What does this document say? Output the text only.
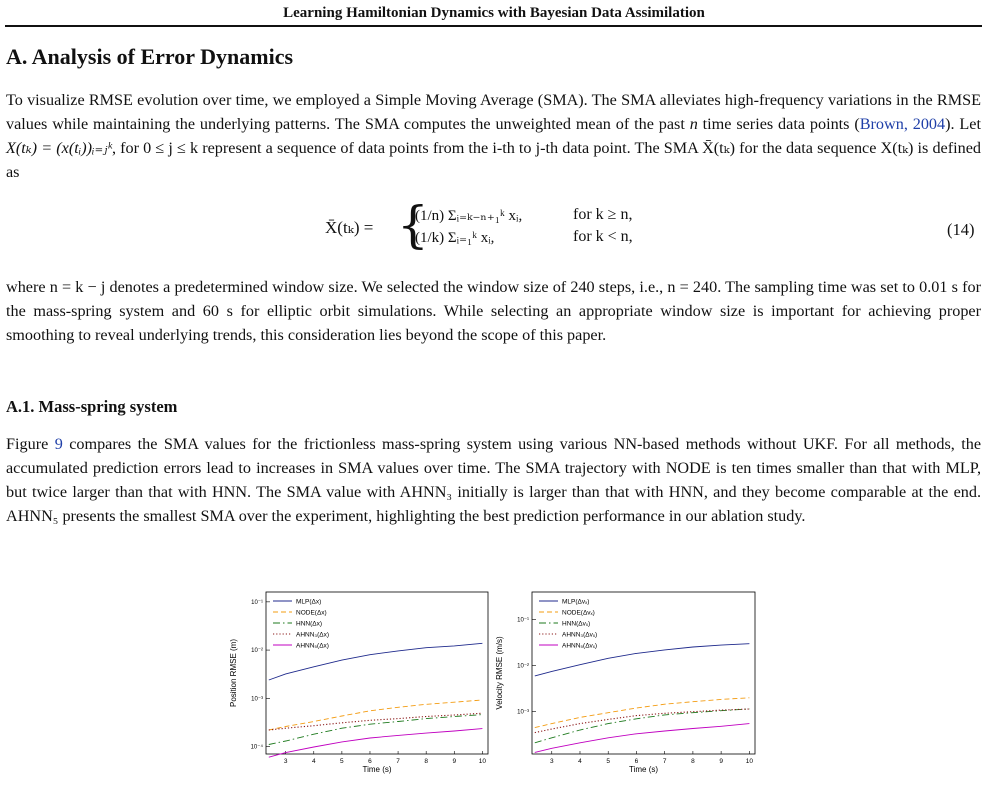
Learning Hamiltonian Dynamics with Bayesian Data Assimilation
A. Analysis of Error Dynamics

To visualize RMSE evolution over time, we employed a Simple Moving Average (SMA). The SMA alleviates high-frequency variations in the RMSE values while maintaining the underlying patterns. The SMA computes the unweighted mean of the past n time series data points (Brown, 2004). Let X(tₖ) = (x(tᵢ))ᵢ₌ⱼᵏ, for 0 ≤ j ≤ k represent a sequence of data points from the i-th to j-th data point. The SMA X̄(tₖ) for the data sequence X(tₖ) is defined as

X̄(tₖ) = {
(1/n) Σᵢ₌ₖ₋ₙ₊₁ᵏ xᵢ,	for k ≥ n,
(1/k) Σᵢ₌₁ᵏ xᵢ,	for k < n,	(14)

where n = k − j denotes a predetermined window size. We selected the window size of 240 steps, i.e., n = 240. The sampling time was set to 0.01 s for the mass-spring system and 60 s for elliptic orbit simulations. While selecting an appropriate window size is important for achieving proper smoothing to reveal underlying trends, this consideration lies beyond the scope of this paper.

A.1. Mass-spring system

Figure 9 compares the SMA values for the frictionless mass-spring system using various NN-based methods without UKF. For all methods, the accumulated prediction errors lead to increases in SMA values over time. The SMA trajectory with NODE is ten times smaller than that with MLP, but twice larger than that with HNN. The SMA value with AHNN₃ initially is larger than that with HNN, and they become comparable at the end. AHNN₅ presents the smallest SMA over the experiment, highlighting the best prediction performance in our ablation study.

3	4	5	6	7	8	9	10
10⁻¹
10⁻²
10⁻³
10⁻⁴
Time (s)
Position RMSE (m)
MLP(Δx)
NODE(Δx)
HNN(Δx)
AHNN₃(Δx)
AHNN₅(Δx)
3	4	5	6	7	8	9	10
10⁻¹
10⁻²
10⁻³
Time (s)
Velocity RMSE (m/s)
MLP(Δvₓ)
NODE(Δvₓ)
HNN(Δvₓ)
AHNN₃(Δvₓ)
AHNN₅(Δvₓ)
